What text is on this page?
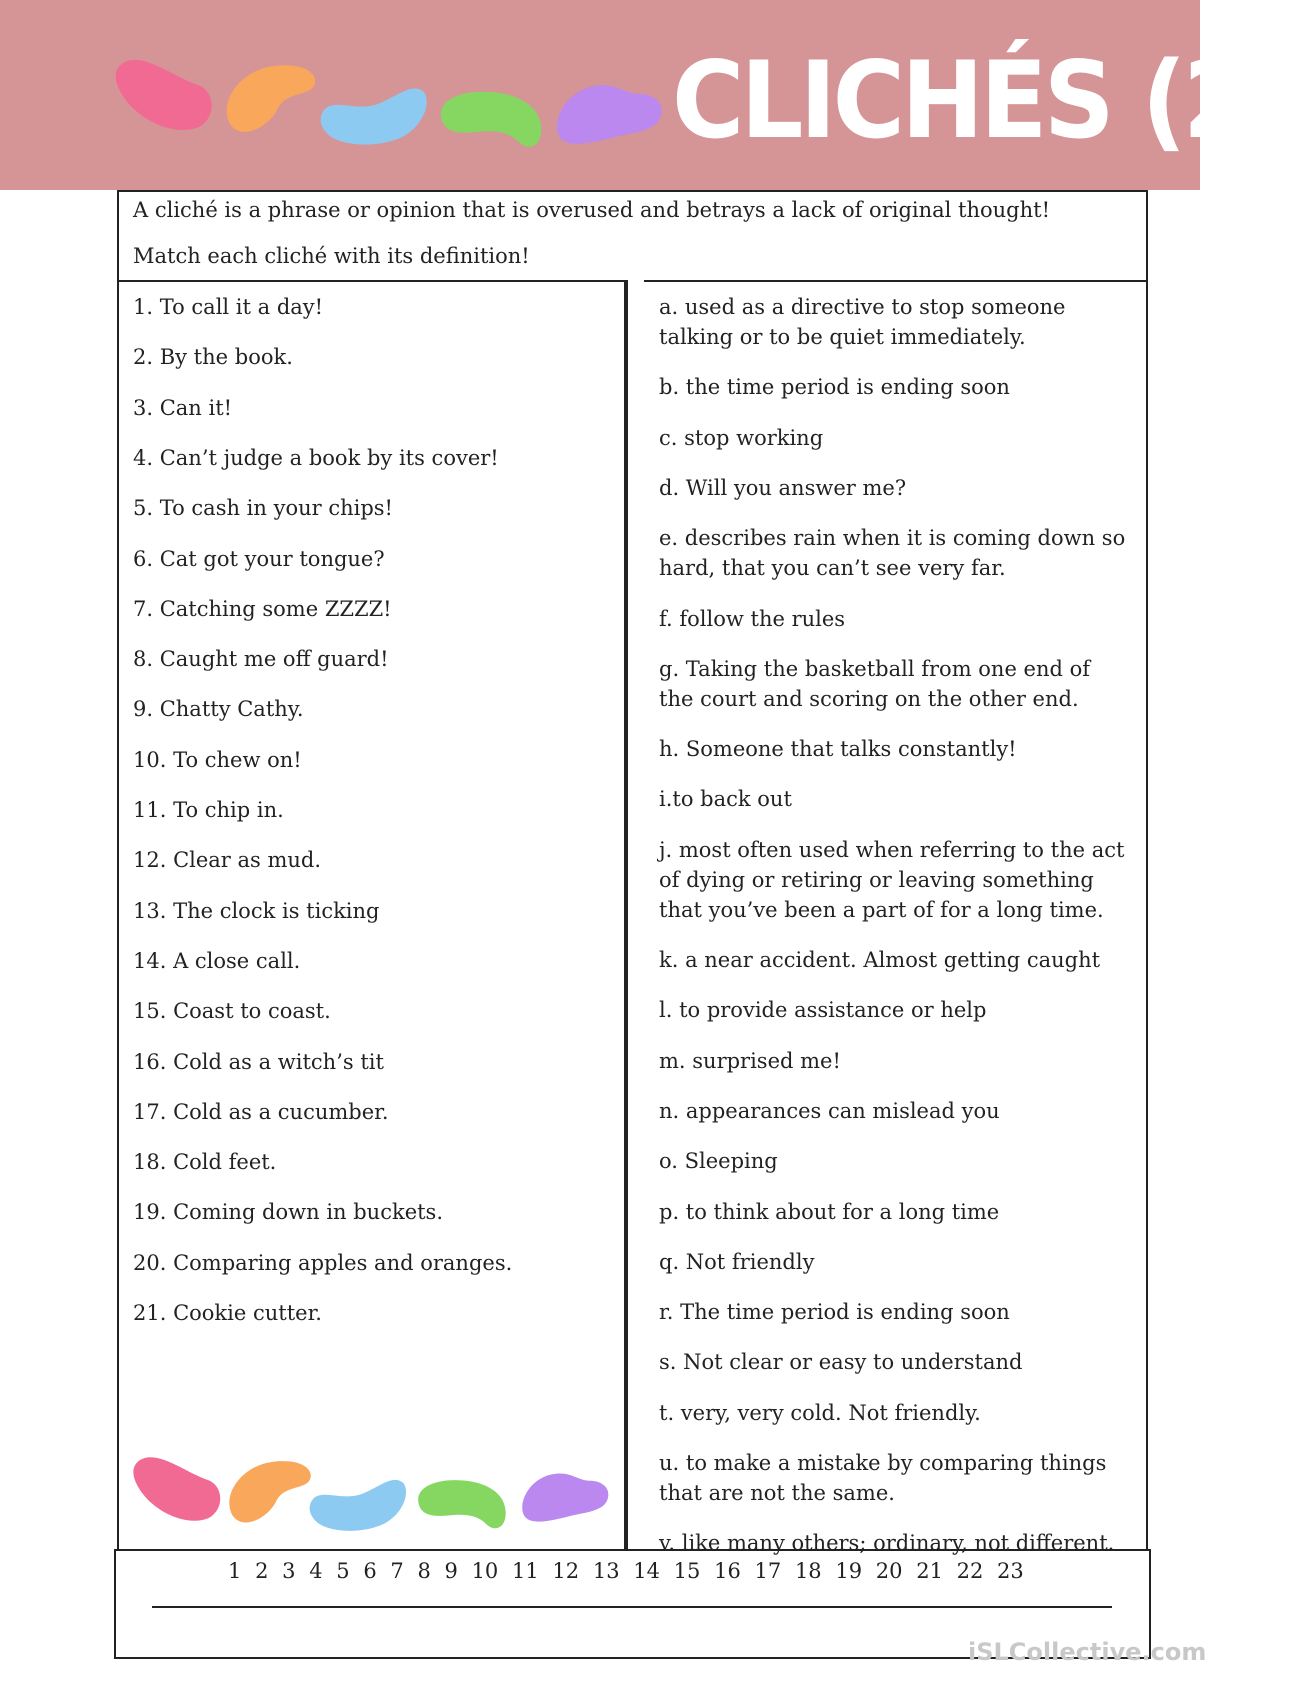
CLICHÉS (2)

A cliché is a phrase or opinion that is overused and betrays a lack of original thought!

Match each cliché with its definition!

1. To call it a day!
2. By the book.
3. Can it!
4. Can’t judge a book by its cover!
5. To cash in your chips!
6. Cat got your tongue?
7. Catching some ZZZZ!
8. Caught me off guard!
9. Chatty Cathy.
10. To chew on!
11. To chip in.
12. Clear as mud.
13. The clock is ticking
14. A close call.
15. Coast to coast.
16. Cold as a witch’s tit
17. Cold as a cucumber.
18. Cold feet.
19. Coming down in buckets.
20. Comparing apples and oranges.
21. Cookie cutter.
a. used as a directive to stop someone
talking or to be quiet immediately.
b. the time period is ending soon
c. stop working
d. Will you answer me?
e. describes rain when it is coming down so
hard, that you can’t see very far.
f. follow the rules
g. Taking the basketball from one end of
the court and scoring on the other end.
h. Someone that talks constantly!
i.to back out
j. most often used when referring to the act
of dying or retiring or leaving something
that you’ve been a part of for a long time.
k. a near accident. Almost getting caught
l. to provide assistance or help
m. surprised me!
n. appearances can mislead you
o. Sleeping
p. to think about for a long time
q. Not friendly
r. The time period is ending soon
s. Not clear or easy to understand
t. very, very cold. Not friendly.
u. to make a mistake by comparing things
that are not the same.
v. like many others; ordinary, not different.
1 2 3 4 5 6 7 8 9 10 11 12 13 14 15 16 17 18 19 20 21 22 23
iSLCollective.com
